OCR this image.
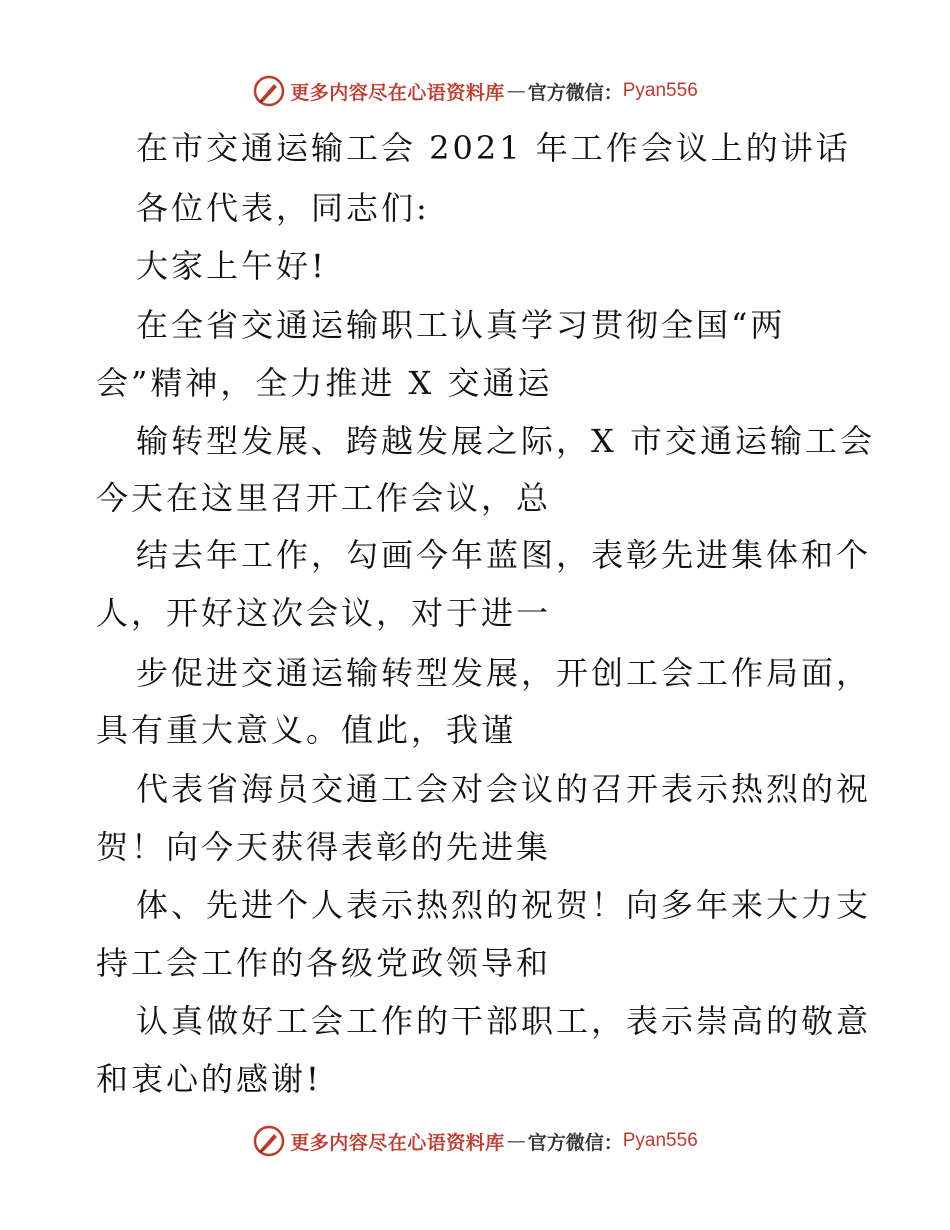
更多内容尽在心语资料库 — 官方微信： Pyan556
在市交通运输工会 2021 年工作会议上的讲话
各位代表，同志们:
大家上午好!
在全省交通运输职工认真学习贯彻全国“两
会”精神，全力推进 X 交通运
输转型发展、跨越发展之际，X 市交通运输工会
今天在这里召开工作会议，总
结去年工作，勾画今年蓝图，表彰先进集体和个
人，开好这次会议，对于进一
步促进交通运输转型发展，开创工会工作局面，
具有重大意义。值此，我谨
代表省海员交通工会对会议的召开表示热烈的祝
贺！向今天获得表彰的先进集
体、先进个人表示热烈的祝贺！向多年来大力支
持工会工作的各级党政领导和
认真做好工会工作的干部职工，表示崇高的敬意
和衷心的感谢!
更多内容尽在心语资料库 — 官方微信： Pyan556
